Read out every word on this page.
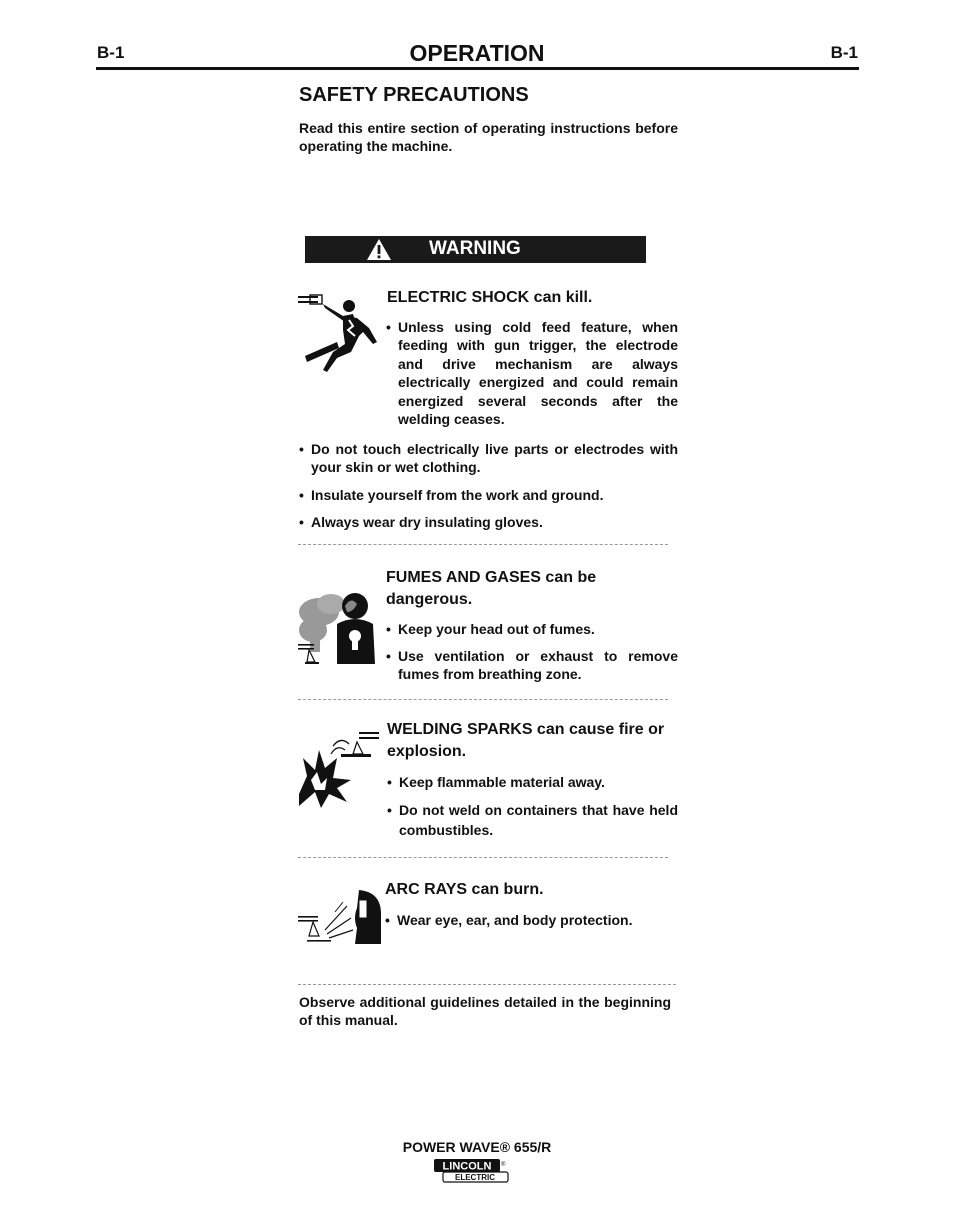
B-1	OPERATION	B-1
SAFETY PRECAUTIONS
Read this entire section of operating instructions before operating the machine.
WARNING
ELECTRIC SHOCK can kill.
• Unless using cold feed feature, when feeding with gun trigger, the electrode and drive mechanism are always electrically energized and could remain energized several seconds after the welding ceases.
• Do not touch electrically live parts or electrodes with your skin or wet clothing.
• Insulate yourself from the work and ground.
• Always wear dry insulating gloves.
FUMES AND GASES can be dangerous.
• Keep your head out of fumes.
• Use ventilation or exhaust to remove fumes from breathing zone.
WELDING SPARKS can cause fire or explosion.
• Keep flammable material away.
• Do not weld on containers that have held combustibles.
ARC RAYS can burn.
• Wear eye, ear, and body protection.
Observe additional guidelines detailed in the beginning of this manual.
POWER WAVE® 655/R
LINCOLN ®
ELECTRIC
